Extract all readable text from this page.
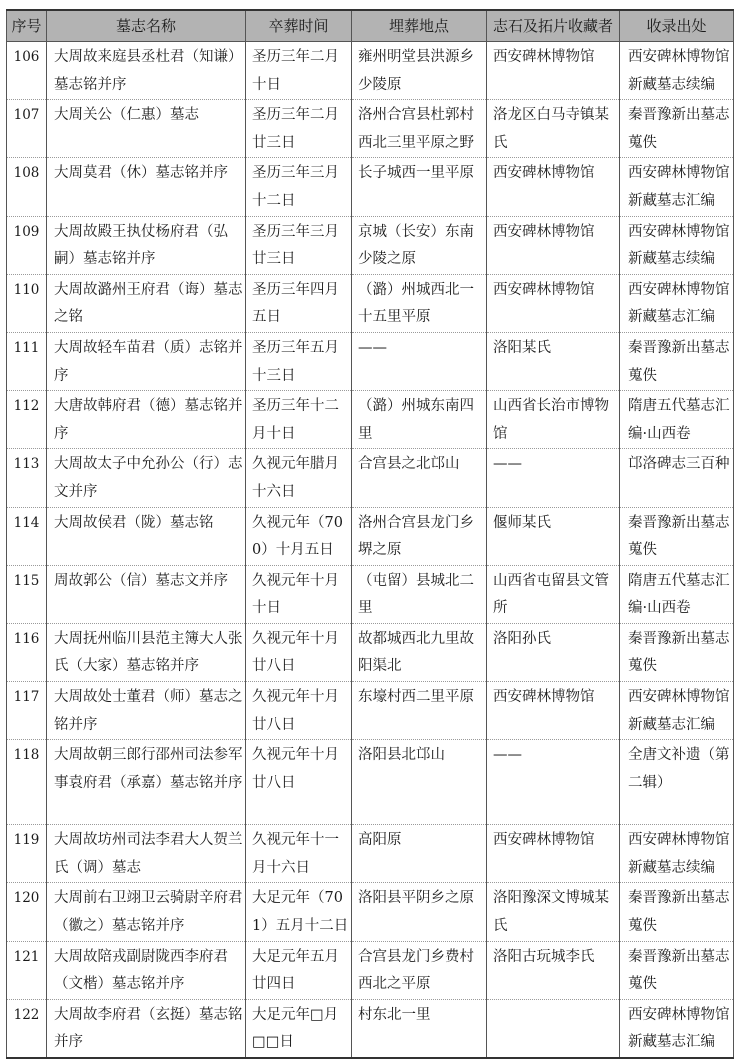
序号	墓志名称	卒葬时间	埋葬地点	志石及拓片收藏者	收录出处
106	大周故来庭县丞杜君（知谦）墓志铭并序	圣历三年二月十日	雍州明堂县洪源乡少陵原	西安碑林博物馆	西安碑林博物馆新藏墓志续编
107	大周关公（仁惠）墓志	圣历三年二月廿三日	洛州合宫县杜郭村西北三里平原之野	洛龙区白马寺镇某氏	秦晋豫新出墓志蒐佚
108	大周莫君（休）墓志铭并序	圣历三年三月十二日	长子城西一里平原	西安碑林博物馆	西安碑林博物馆新藏墓志汇编
109	大周故殿王执仗杨府君（弘嗣）墓志铭并序	圣历三年三月廿三日	京城（长安）东南少陵之原	西安碑林博物馆	西安碑林博物馆新藏墓志续编
110	大周故潞州王府君（诲）墓志之铭	圣历三年四月五日	（潞）州城西北一十五里平原	西安碑林博物馆	西安碑林博物馆新藏墓志汇编
111	大周故轻车苗君（质）志铭并序	圣历三年五月十三日	——	洛阳某氏	秦晋豫新出墓志蒐佚
112	大唐故韩府君（德）墓志铭并序	圣历三年十二月十日	（潞）州城东南四里	山西省长治市博物馆	隋唐五代墓志汇编·山西卷
113	大周故太子中允孙公（行）志文并序	久视元年腊月十六日	合宫县之北邙山	——	邙洛碑志三百种
114	大周故侯君（陇）墓志铭	久视元年（700）十月五日	洛州合宫县龙门乡堺之原	偃师某氏	秦晋豫新出墓志蒐佚
115	周故郭公（信）墓志文并序	久视元年十月十日	（屯留）县城北二里	山西省屯留县文管所	隋唐五代墓志汇编·山西卷
116	大周抚州临川县范主簿大人张氏（大家）墓志铭并序	久视元年十月廿八日	故都城西北九里故阳渠北	洛阳孙氏	秦晋豫新出墓志蒐佚
117	大周故处士董君（师）墓志之铭并序	久视元年十月廿八日	东壕村西二里平原	西安碑林博物馆	西安碑林博物馆新藏墓志汇编
118	大周故朝三郎行邵州司法参军事袁府君（承嘉）墓志铭并序	久视元年十月廿八日	洛阳县北邙山	——	全唐文补遗（第二辑）
119	大周故坊州司法李君大人贺兰氏（调）墓志	久视元年十一月十六日	高阳原	西安碑林博物馆	西安碑林博物馆新藏墓志续编
120	大周前右卫翊卫云骑尉辛府君（徽之）墓志铭并序	大足元年（701）五月十二日	洛阳县平阴乡之原	洛阳豫深文博城某氏	秦晋豫新出墓志蒐佚
121	大周故陪戎副尉陇西李府君（文楷）墓志铭并序	大足元年五月廿四日	合宫县龙门乡费村西北之平原	洛阳古玩城李氏	秦晋豫新出墓志蒐佚
122	大周故李府君（玄挺）墓志铭并序	大足元年□月□□日	村东北一里		西安碑林博物馆新藏墓志汇编
